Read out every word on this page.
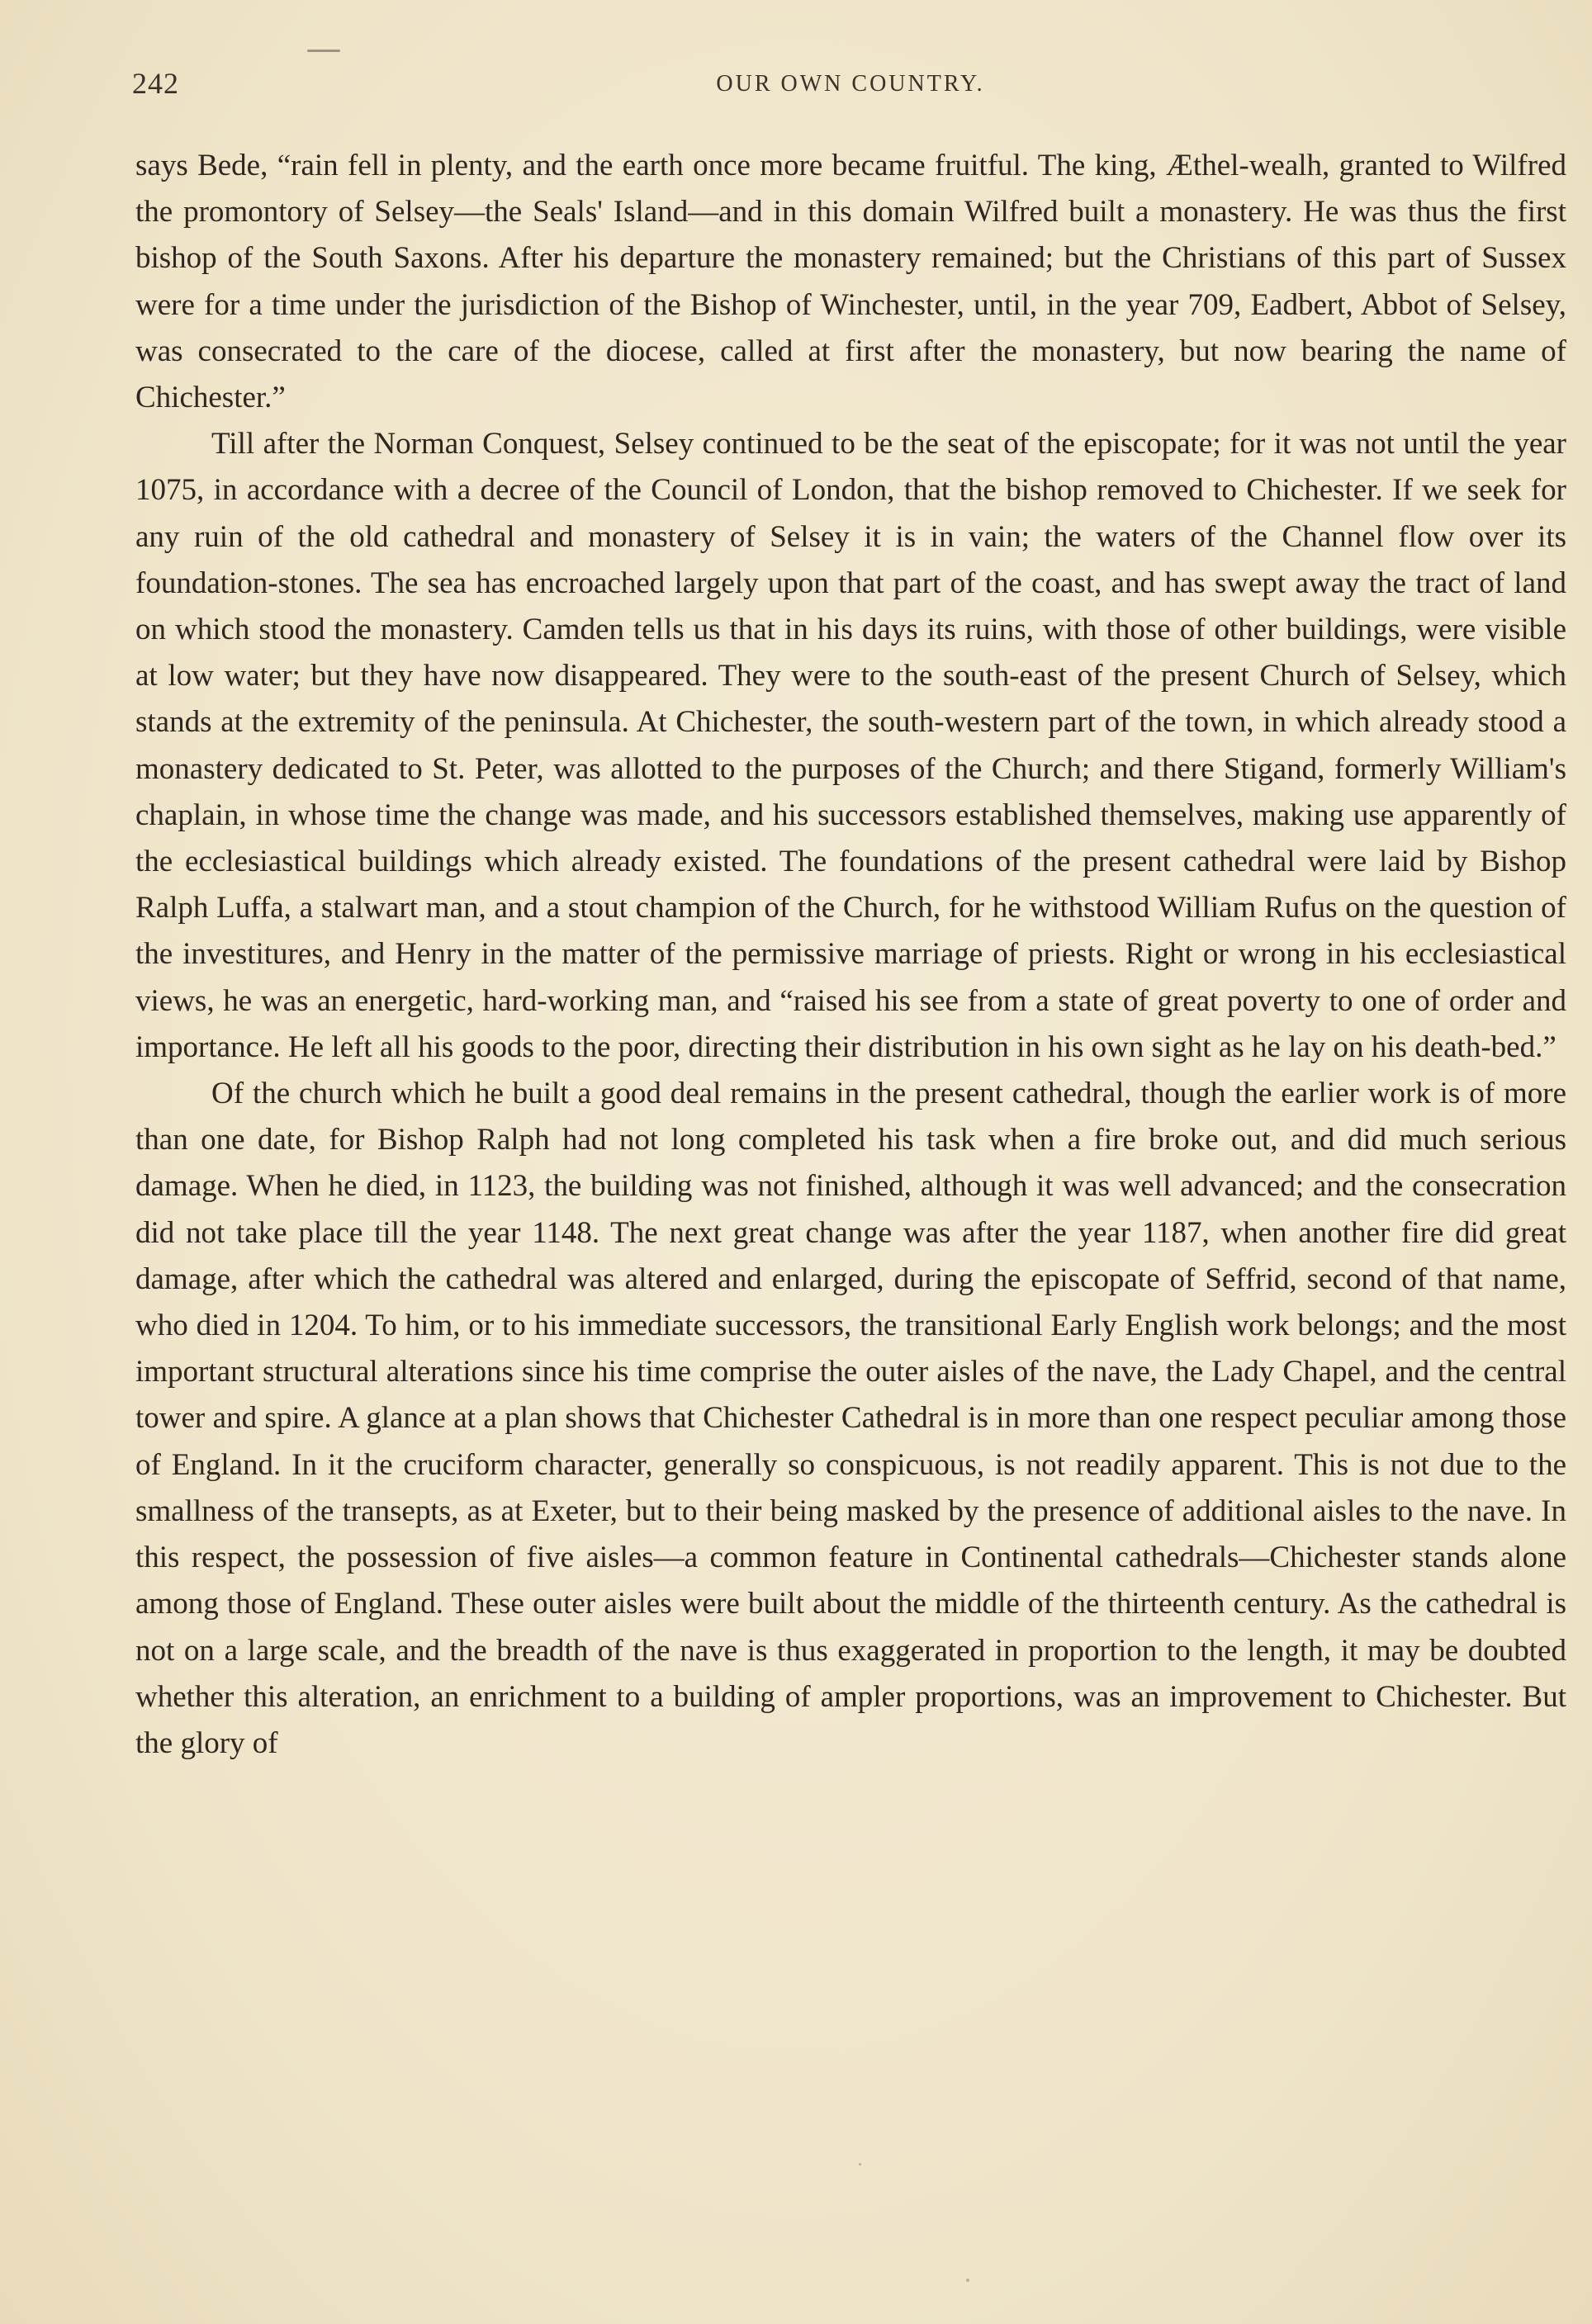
242	OUR OWN COUNTRY.

says Bede, “rain fell in plenty, and the earth once more became fruitful. The king, Æthel-wealh, granted to Wilfred the promontory of Selsey—the Seals' Island—and in this domain Wilfred built a monastery. He was thus the first bishop of the South Saxons. After his departure the monastery remained; but the Christians of this part of Sussex were for a time under the jurisdiction of the Bishop of Winchester, until, in the year 709, Eadbert, Abbot of Selsey, was consecrated to the care of the diocese, called at first after the monastery, but now bearing the name of Chichester.”

Till after the Norman Conquest, Selsey continued to be the seat of the episcopate; for it was not until the year 1075, in accordance with a decree of the Council of London, that the bishop removed to Chichester. If we seek for any ruin of the old cathedral and monastery of Selsey it is in vain; the waters of the Channel flow over its foundation-stones. The sea has encroached largely upon that part of the coast, and has swept away the tract of land on which stood the monastery. Camden tells us that in his days its ruins, with those of other buildings, were visible at low water; but they have now disappeared. They were to the south-east of the present Church of Selsey, which stands at the extremity of the peninsula. At Chichester, the south-western part of the town, in which already stood a monastery dedicated to St. Peter, was allotted to the purposes of the Church; and there Stigand, formerly William's chaplain, in whose time the change was made, and his successors established themselves, making use apparently of the ecclesiastical buildings which already existed. The foundations of the present cathedral were laid by Bishop Ralph Luffa, a stalwart man, and a stout champion of the Church, for he withstood William Rufus on the question of the investitures, and Henry in the matter of the permissive marriage of priests. Right or wrong in his ecclesiastical views, he was an energetic, hard-working man, and “raised his see from a state of great poverty to one of order and importance. He left all his goods to the poor, directing their distribution in his own sight as he lay on his death-bed.”

Of the church which he built a good deal remains in the present cathedral, though the earlier work is of more than one date, for Bishop Ralph had not long completed his task when a fire broke out, and did much serious damage. When he died, in 1123, the building was not finished, although it was well advanced; and the consecration did not take place till the year 1148. The next great change was after the year 1187, when another fire did great damage, after which the cathedral was altered and enlarged, during the episcopate of Seffrid, second of that name, who died in 1204. To him, or to his immediate successors, the transitional Early English work belongs; and the most important structural alterations since his time comprise the outer aisles of the nave, the Lady Chapel, and the central tower and spire. A glance at a plan shows that Chichester Cathedral is in more than one respect peculiar among those of England. In it the cruciform character, generally so conspicuous, is not readily apparent. This is not due to the smallness of the transepts, as at Exeter, but to their being masked by the presence of additional aisles to the nave. In this respect, the possession of five aisles—a common feature in Continental cathedrals—Chichester stands alone among those of England. These outer aisles were built about the middle of the thirteenth century. As the cathedral is not on a large scale, and the breadth of the nave is thus exaggerated in proportion to the length, it may be doubted whether this alteration, an enrichment to a building of ampler proportions, was an improvement to Chichester. But the glory of
